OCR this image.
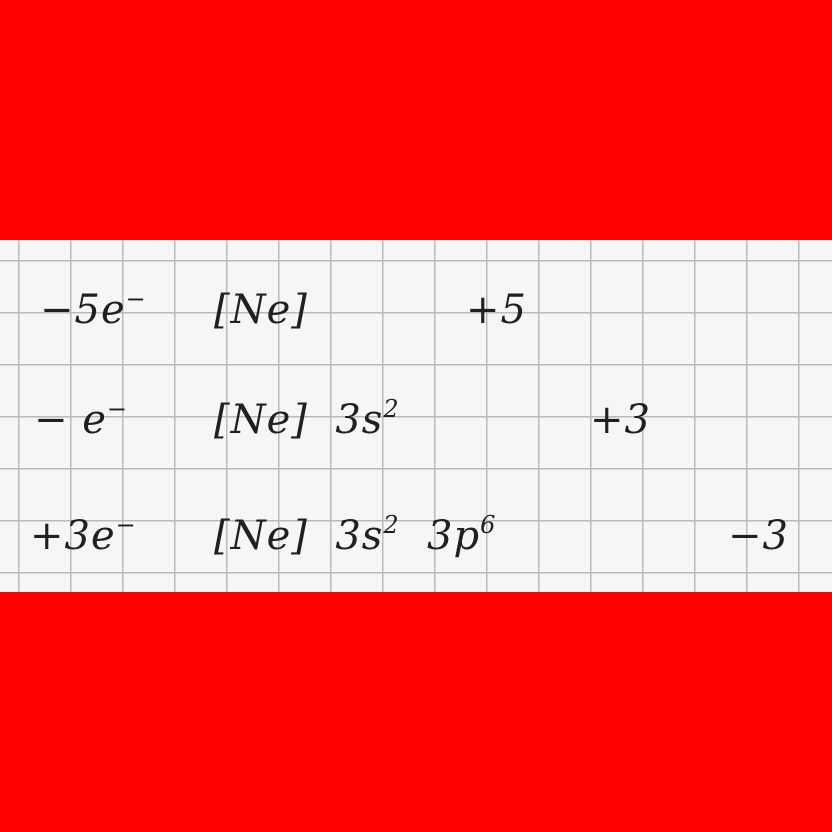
−5e− [Ne]	+5
− e− [Ne] $3s^2$	+3
+3e− [Ne] $3s^2$ $3p^6$	−3
